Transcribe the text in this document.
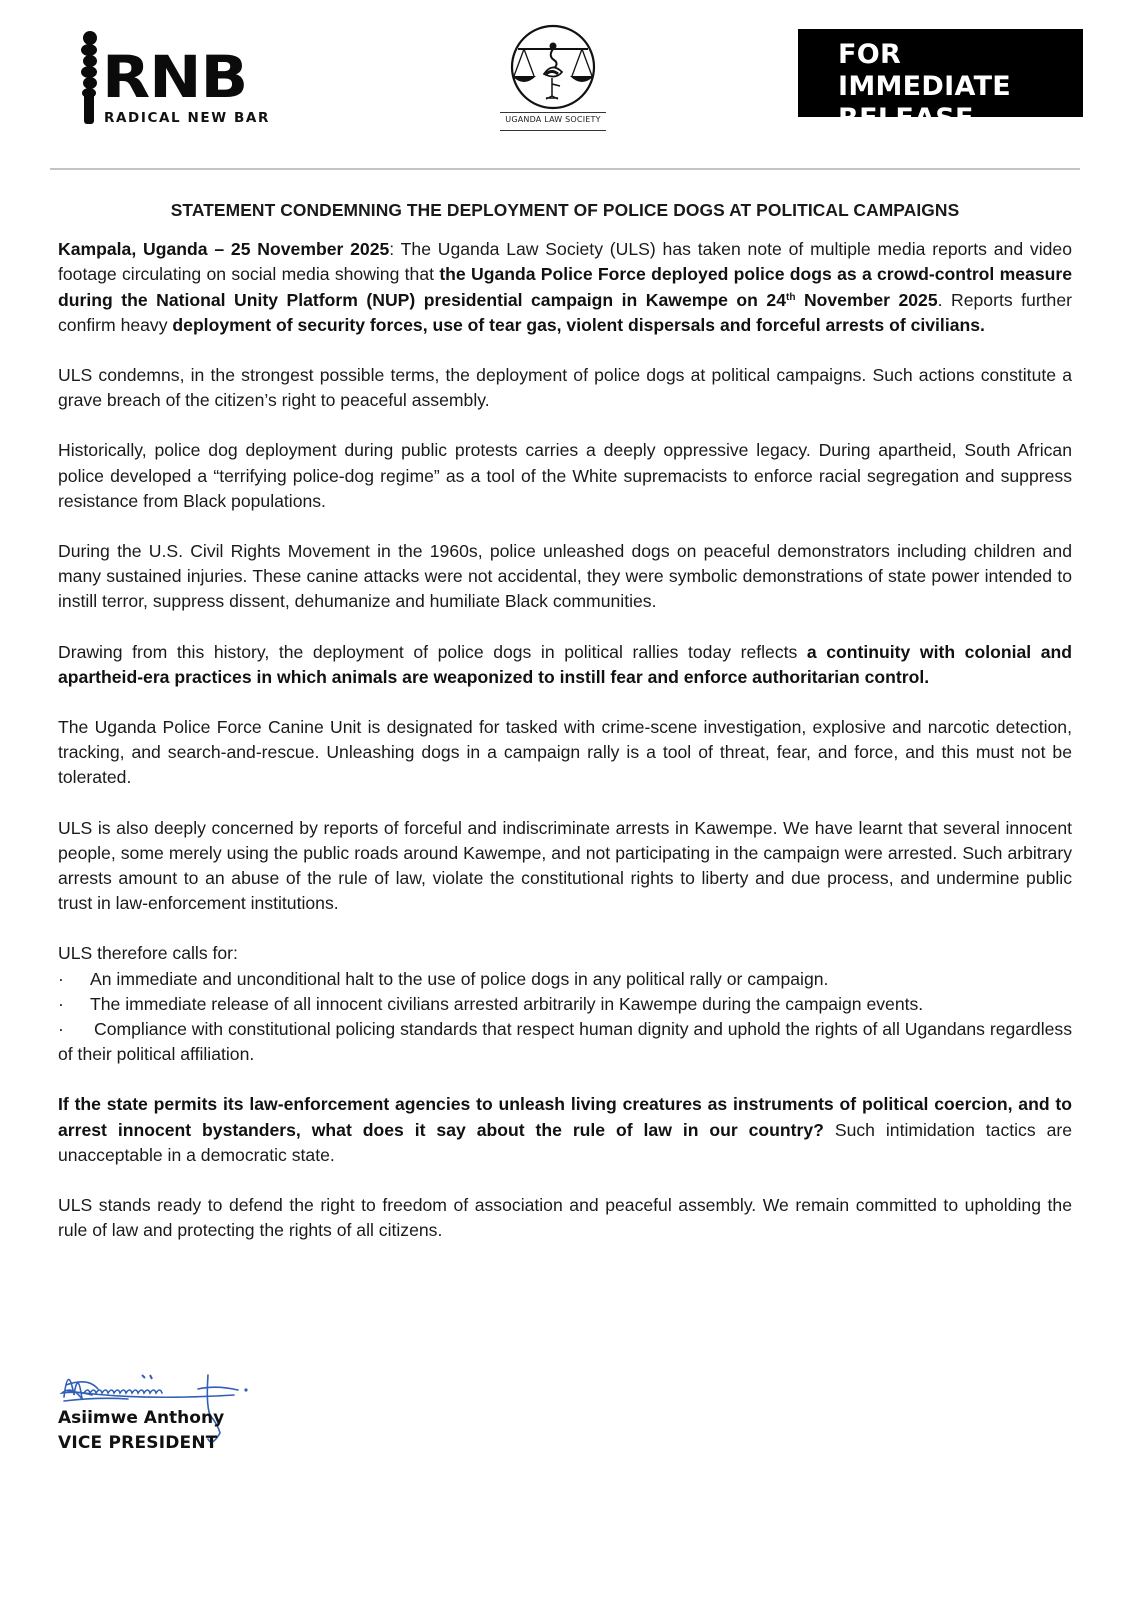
RNB
RADICAL NEW BAR	UGANDA LAW SOCIETY
FOR IMMEDIATE
RELEASE
STATEMENT CONDEMNING THE DEPLOYMENT OF POLICE DOGS AT POLITICAL CAMPAIGNS

Kampala, Uganda – 25 November 2025: The Uganda Law Society (ULS) has taken note of multiple media reports and video footage circulating on social media showing that the Uganda Police Force deployed police dogs as a crowd-control measure during the National Unity Platform (NUP) presidential campaign in Kawempe on 24th November 2025. Reports further confirm heavy deployment of security forces, use of tear gas, violent dispersals and forceful arrests of civilians.

ULS condemns, in the strongest possible terms, the deployment of police dogs at political campaigns. Such actions constitute a grave breach of the citizen’s right to peaceful assembly.

Historically, police dog deployment during public protests carries a deeply oppressive legacy. During apartheid, South African police developed a “terrifying police-dog regime” as a tool of the White supremacists to enforce racial segregation and suppress resistance from Black populations.

During the U.S. Civil Rights Movement in the 1960s, police unleashed dogs on peaceful demonstrators including children and many sustained injuries. These canine attacks were not accidental, they were symbolic demonstrations of state power intended to instill terror, suppress dissent, dehumanize and humiliate Black communities.

Drawing from this history, the deployment of police dogs in political rallies today reflects a continuity with colonial and apartheid-era practices in which animals are weaponized to instill fear and enforce authoritarian control.

The Uganda Police Force Canine Unit is designated for tasked with crime-scene investigation, explosive and narcotic detection, tracking, and search-and-rescue. Unleashing dogs in a campaign rally is a tool of threat, fear, and force, and this must not be tolerated.

ULS is also deeply concerned by reports of forceful and indiscriminate arrests in Kawempe. We have learnt that several innocent people, some merely using the public roads around Kawempe, and not participating in the campaign were arrested. Such arbitrary arrests amount to an abuse of the rule of law, violate the constitutional rights to liberty and due process, and undermine public trust in law-enforcement institutions.

ULS therefore calls for:
· An immediate and unconditional halt to the use of police dogs in any political rally or campaign.
· The immediate release of all innocent civilians arrested arbitrarily in Kawempe during the campaign events.
· Compliance with constitutional policing standards that respect human dignity and uphold the rights of all Ugandans regardless of their political affiliation.

If the state permits its law-enforcement agencies to unleash living creatures as instruments of political coercion, and to arrest innocent bystanders, what does it say about the rule of law in our country? Such intimidation tactics are unacceptable in a democratic state.

ULS stands ready to defend the right to freedom of association and peaceful assembly. We remain committed to upholding the rule of law and protecting the rights of all citizens.

Asiimwe Anthony
VICE PRESIDENT
